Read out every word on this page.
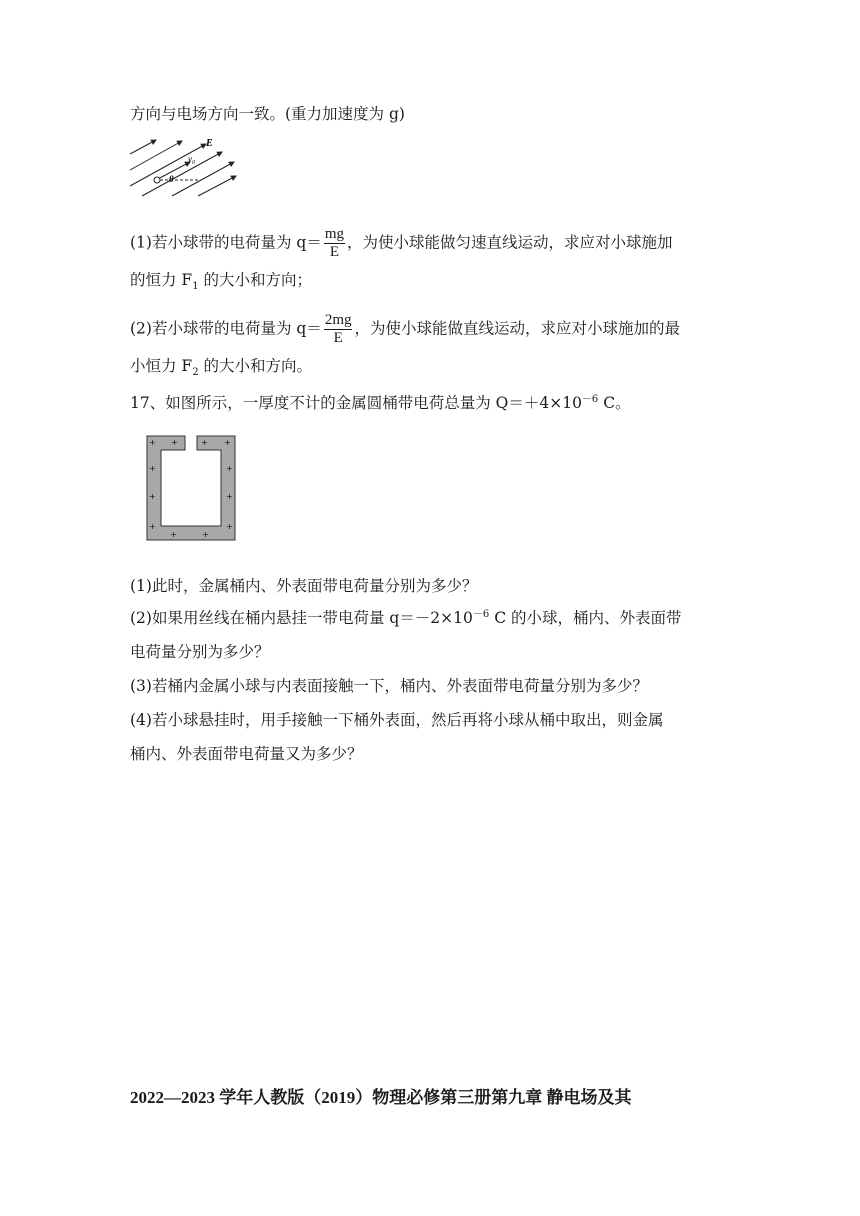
方向与电场方向一致。(重力加速度为 g)
E
$v_0$
θ
(1)若小球带的电荷量为 $q= \frac{mg}{E}$ ，为使小球能做匀速直线运动，求应对小球施加
的恒力 $F_1$ 的大小和方向；
(2)若小球带的电荷量为 $q= \frac{2mg}{E}$ ，为使小球能做直线运动，求应对小球施加的最
小恒力 $F_2$ 的大小和方向。
17、如图所示，一厚度不计的金属圆桶带电荷总量为 $Q=+4\times 10^{-6}$ C。
+ +	+ +
+
+
+
+
+
+
+	+
(1)此时，金属桶内、外表面带电荷量分别为多少？
(2)如果用丝线在桶内悬挂一带电荷量 $q=-2\times 10^{-6}$ C 的小球，桶内、外表面带
电荷量分别为多少？
(3)若桶内金属小球与内表面接触一下，桶内、外表面带电荷量分别为多少？
(4)若小球悬挂时，用手接触一下桶外表面，然后再将小球从桶中取出，则金属
桶内、外表面带电荷量又为多少？
2022—2023 学年人教版（2019）物理必修第三册第九章 静电场及其
